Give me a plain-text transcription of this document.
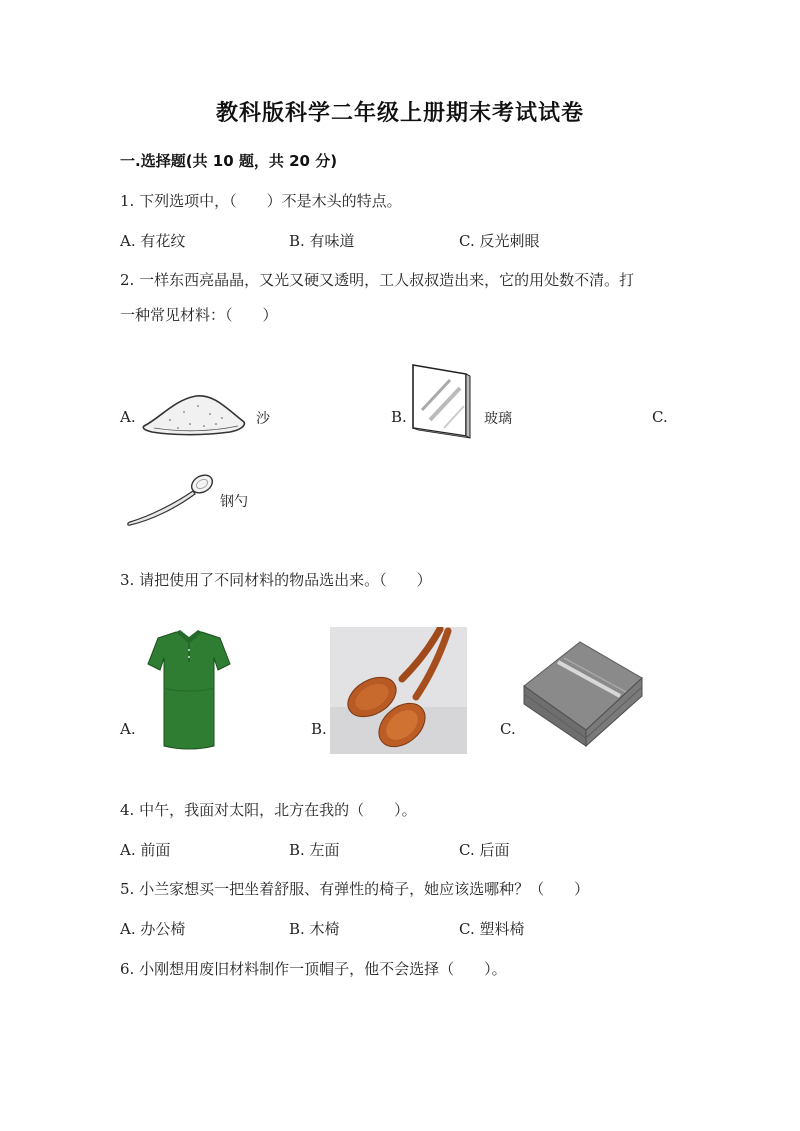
教科版科学二年级上册期末考试试卷
一.选择题(共 10 题，共 20 分)
1. 下列选项中，（　　）不是木头的特点。
A. 有花纹	B. 有味道	C. 反光刺眼
2. 一样东西亮晶晶，又光又硬又透明，工人叔叔造出来，它的用处数不清。打
一种常见材料：（　　）
A.	沙	B.	玻璃	C.
钢勺
3. 请把使用了不同材料的物品选出来。（　　）
A.	B.	C.
4. 中午，我面对太阳，北方在我的（　　）。
A. 前面	B. 左面	C. 后面
5. 小兰家想买一把坐着舒服、有弹性的椅子，她应该选哪种？（　　）
A. 办公椅	B. 木椅	C. 塑料椅
6. 小刚想用废旧材料制作一顶帽子，他不会选择（　　）。
